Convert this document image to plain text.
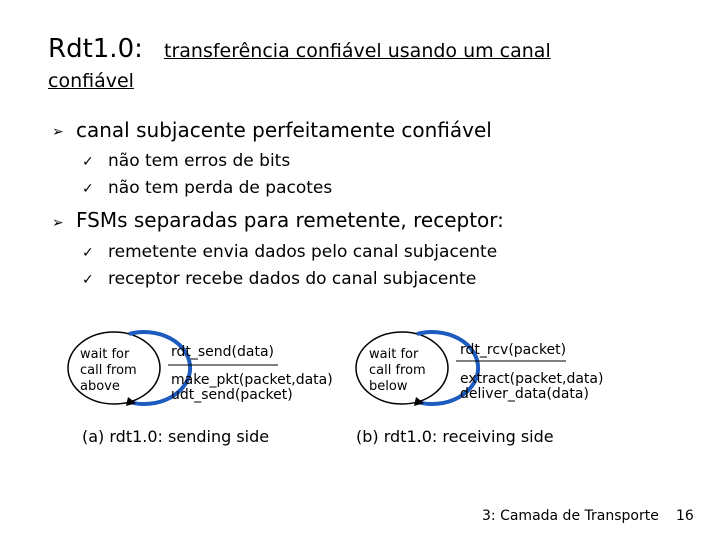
Rdt1.0: transferência confiável usando um canal
confiável
➢ canal subjacente perfeitamente confiável
✓ não tem erros de bits
✓ não tem perda de pacotes
➢ FSMs separadas para remetente, receptor:
✓ remetente envia dados pelo canal subjacente
✓ receptor recebe dados do canal subjacente
wait for
call from
above
rdt_send(data)
make_pkt(packet,data)
udt_send(packet)
(a) rdt1.0: sending side
wait for
call from
below
rdt_rcv(packet)
extract(packet,data)
deliver_data(data)
(b) rdt1.0: receiving side
3: Camada de Transporte 16
